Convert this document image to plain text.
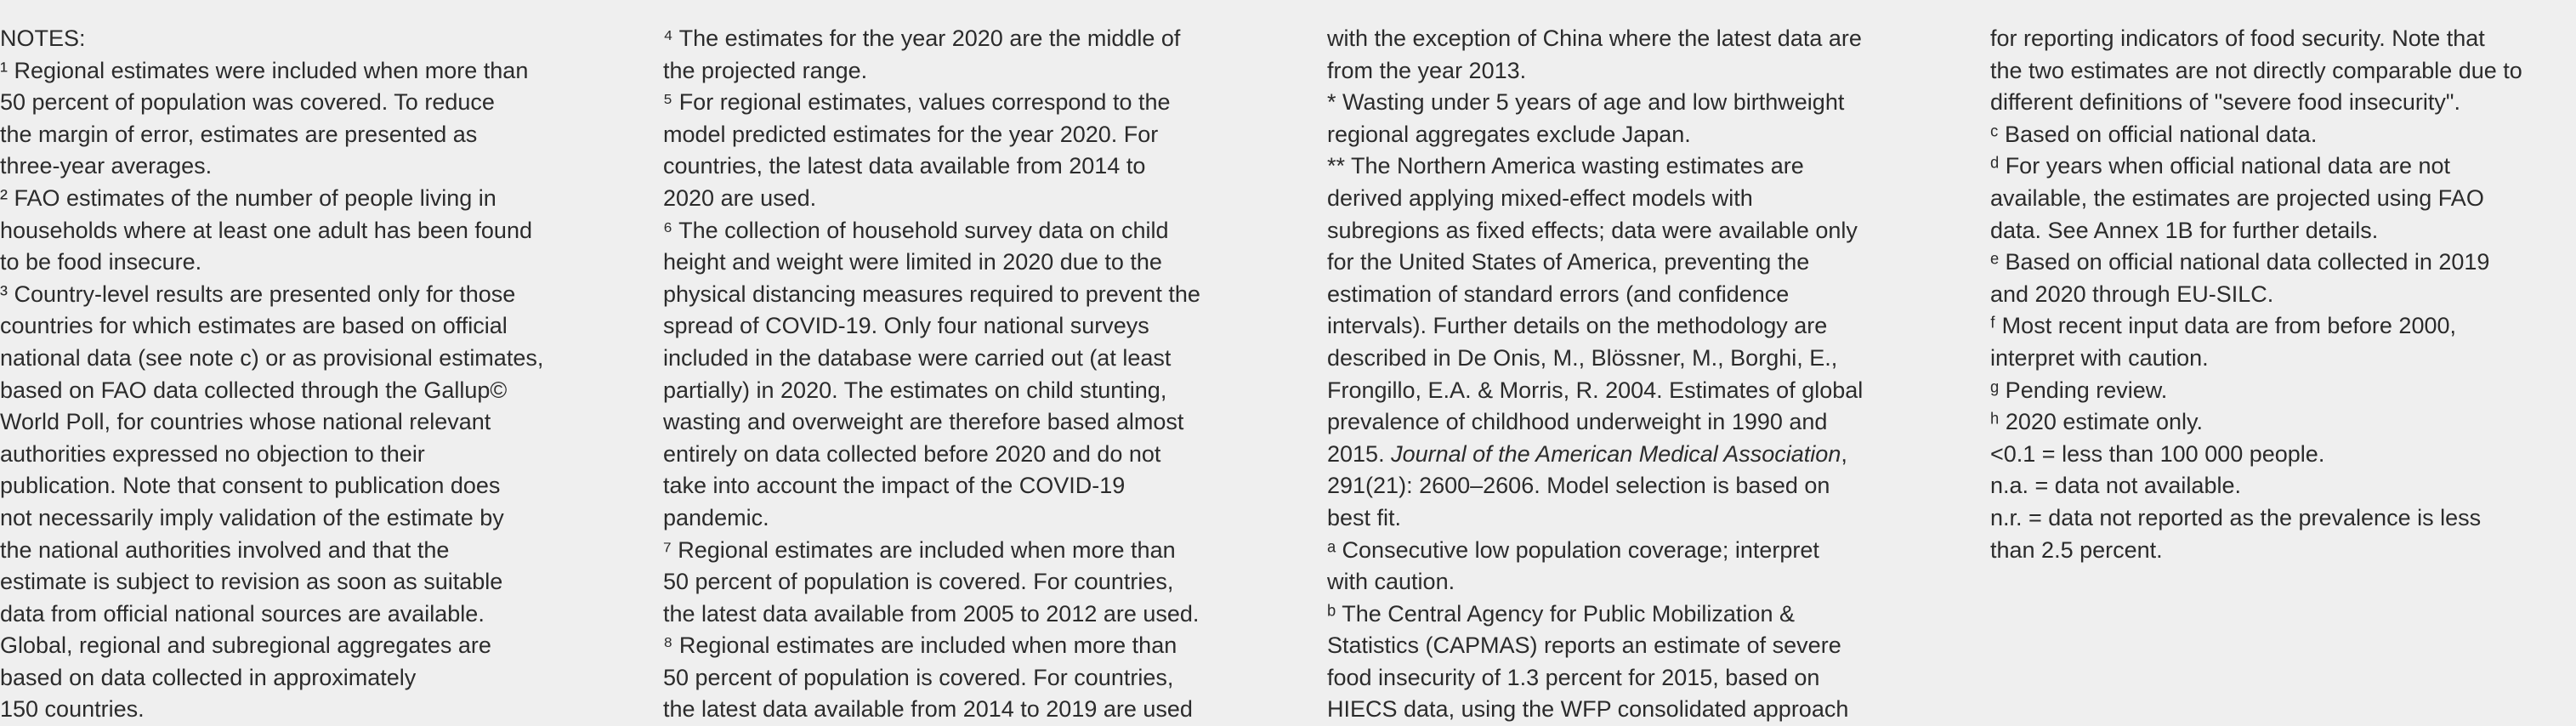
NOTES:
¹ Regional estimates were included when more than
50 percent of population was covered. To reduce
the margin of error, estimates are presented as
three-year averages.
² FAO estimates of the number of people living in
households where at least one adult has been found
to be food insecure.
³ Country-level results are presented only for those
countries for which estimates are based on official
national data (see note c) or as provisional estimates,
based on FAO data collected through the Gallup©
World Poll, for countries whose national relevant
authorities expressed no objection to their
publication. Note that consent to publication does
not necessarily imply validation of the estimate by
the national authorities involved and that the
estimate is subject to revision as soon as suitable
data from official national sources are available.
Global, regional and subregional aggregates are
based on data collected in approximately
150 countries.
⁴ The estimates for the year 2020 are the middle of
the projected range.
⁵ For regional estimates, values correspond to the
model predicted estimates for the year 2020. For
countries, the latest data available from 2014 to
2020 are used.
⁶ The collection of household survey data on child
height and weight were limited in 2020 due to the
physical distancing measures required to prevent the
spread of COVID-19. Only four national surveys
included in the database were carried out (at least
partially) in 2020. The estimates on child stunting,
wasting and overweight are therefore based almost
entirely on data collected before 2020 and do not
take into account the impact of the COVID-19
pandemic.
⁷ Regional estimates are included when more than
50 percent of population is covered. For countries,
the latest data available from 2005 to 2012 are used.
⁸ Regional estimates are included when more than
50 percent of population is covered. For countries,
the latest data available from 2014 to 2019 are used
with the exception of China where the latest data are
from the year 2013.
* Wasting under 5 years of age and low birthweight
regional aggregates exclude Japan.
** The Northern America wasting estimates are
derived applying mixed-effect models with
subregions as fixed effects; data were available only
for the United States of America, preventing the
estimation of standard errors (and confidence
intervals). Further details on the methodology are
described in De Onis, M., Blössner, M., Borghi, E.,
Frongillo, E.A. & Morris, R. 2004. Estimates of global
prevalence of childhood underweight in 1990 and
2015. Journal of the American Medical Association,
291(21): 2600–2606. Model selection is based on
best fit.
ᵃ Consecutive low population coverage; interpret
with caution.
ᵇ The Central Agency for Public Mobilization &
Statistics (CAPMAS) reports an estimate of severe
food insecurity of 1.3 percent for 2015, based on
HIECS data, using the WFP consolidated approach
for reporting indicators of food security. Note that
the two estimates are not directly comparable due to
different definitions of "severe food insecurity".
ᶜ Based on official national data.
ᵈ For years when official national data are not
available, the estimates are projected using FAO
data. See Annex 1B for further details.
ᵉ Based on official national data collected in 2019
and 2020 through EU-SILC.
ᶠ Most recent input data are from before 2000,
interpret with caution.
ᵍ Pending review.
ʰ 2020 estimate only.
<0.1 = less than 100 000 people.
n.a. = data not available.
n.r. = data not reported as the prevalence is less
than 2.5 percent.
